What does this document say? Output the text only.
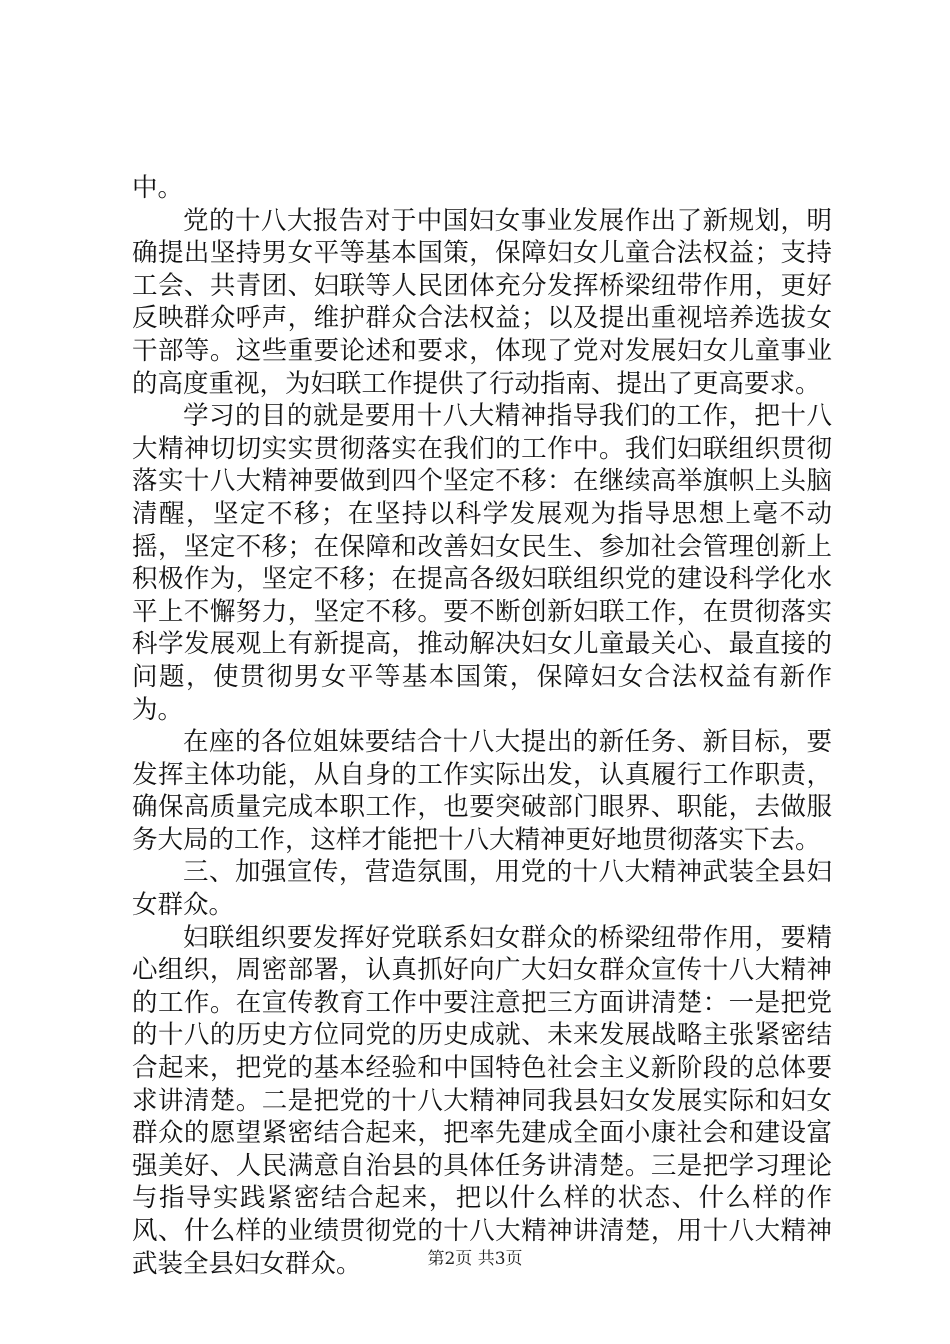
中。

党的十八大报告对于中国妇女事业发展作出了新规划，明确提出坚持男女平等基本国策，保障妇女儿童合法权益；支持工会、共青团、妇联等人民团体充分发挥桥梁纽带作用，更好反映群众呼声，维护群众合法权益；以及提出重视培养选拔女干部等。这些重要论述和要求，体现了党对发展妇女儿童事业的高度重视，为妇联工作提供了行动指南、提出了更高要求。

学习的目的就是要用十八大精神指导我们的工作，把十八大精神切切实实贯彻落实在我们的工作中。我们妇联组织贯彻落实十八大精神要做到四个坚定不移：在继续高举旗帜上头脑清醒，坚定不移；在坚持以科学发展观为指导思想上毫不动摇，坚定不移；在保障和改善妇女民生、参加社会管理创新上积极作为，坚定不移；在提高各级妇联组织党的建设科学化水平上不懈努力，坚定不移。要不断创新妇联工作，在贯彻落实科学发展观上有新提高，推动解决妇女儿童最关心、最直接的问题，使贯彻男女平等基本国策，保障妇女合法权益有新作为。

在座的各位姐妹要结合十八大提出的新任务、新目标，要发挥主体功能，从自身的工作实际出发，认真履行工作职责，确保高质量完成本职工作，也要突破部门眼界、职能，去做服务大局的工作，这样才能把十八大精神更好地贯彻落实下去。

三、加强宣传，营造氛围，用党的十八大精神武装全县妇女群众。

妇联组织要发挥好党联系妇女群众的桥梁纽带作用，要精心组织，周密部署，认真抓好向广大妇女群众宣传十八大精神的工作。在宣传教育工作中要注意把三方面讲清楚：一是把党的十八的历史方位同党的历史成就、未来发展战略主张紧密结合起来，把党的基本经验和中国特色社会主义新阶段的总体要求讲清楚。二是把党的十八大精神同我县妇女发展实际和妇女群众的愿望紧密结合起来，把率先建成全面小康社会和建设富强美好、人民满意自治县的具体任务讲清楚。三是把学习理论与指导实践紧密结合起来，把以什么样的状态、什么样的作风、什么样的业绩贯彻党的十八大精神讲清楚，用十八大精神武装全县妇女群众。	第2页 共3页
